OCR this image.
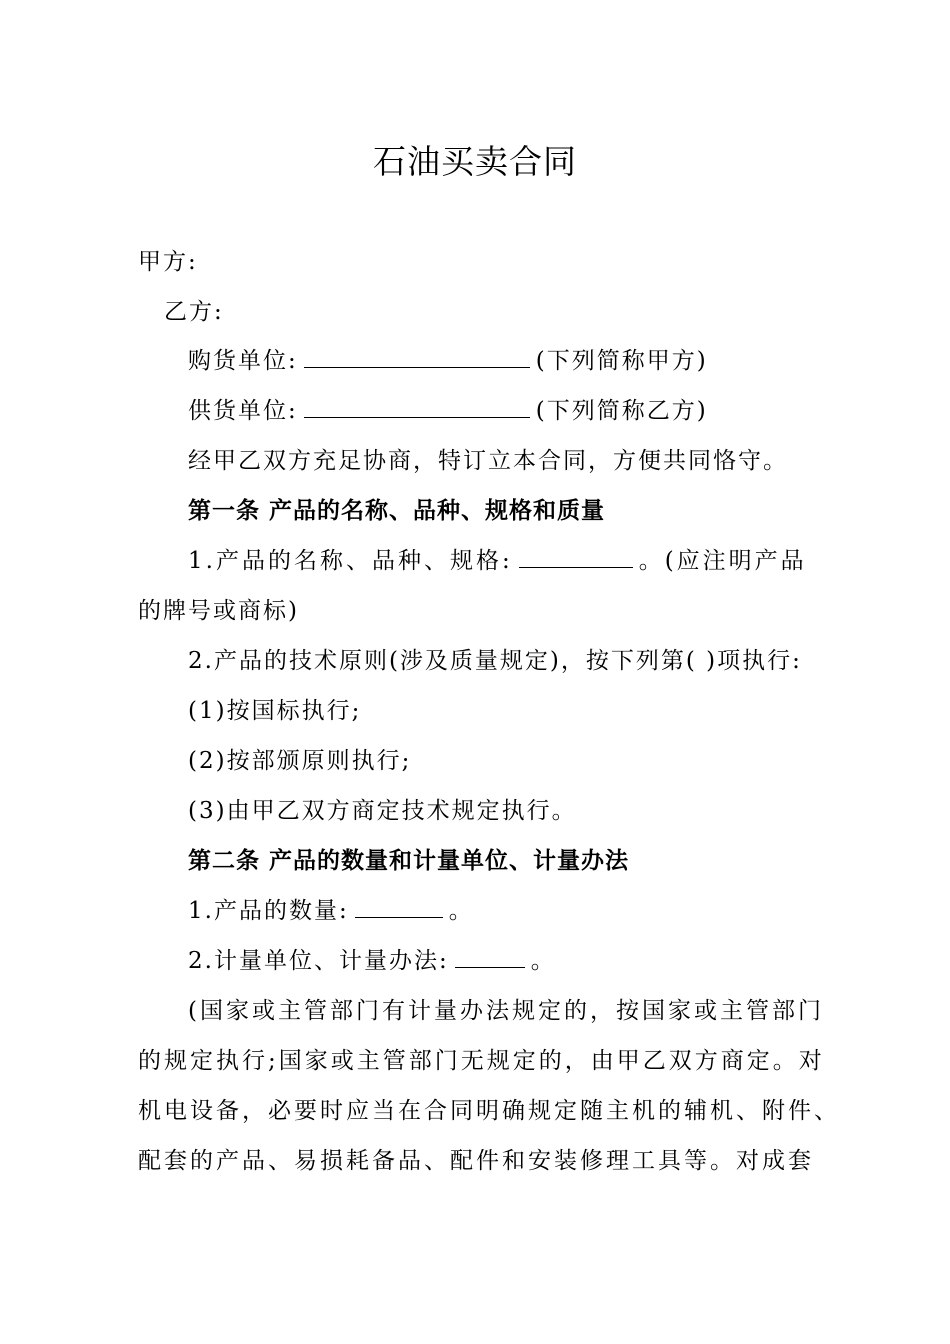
石油买卖合同
甲方:
乙方:
购货单位:	(下列简称甲方)
供货单位:	(下列简称乙方)
经甲乙双方充足协商，特订立本合同，方便共同恪守。
第一条 产品的名称、品种、规格和质量
1.产品的名称、品种、规格:	。(应注明产品
的牌号或商标)
2.产品的技术原则(涉及质量规定)，按下列第( )项执行:
(1)按国标执行;
(2)按部颁原则执行;
(3)由甲乙双方商定技术规定执行。
第二条 产品的数量和计量单位、计量办法
1.产品的数量:	。
2.计量单位、计量办法:	。
(国家或主管部门有计量办法规定的，按国家或主管部门
的规定执行;国家或主管部门无规定的，由甲乙双方商定。对
机电设备，必要时应当在合同明确规定随主机的辅机、附件、
配套的产品、易损耗备品、配件和安装修理工具等。对成套
